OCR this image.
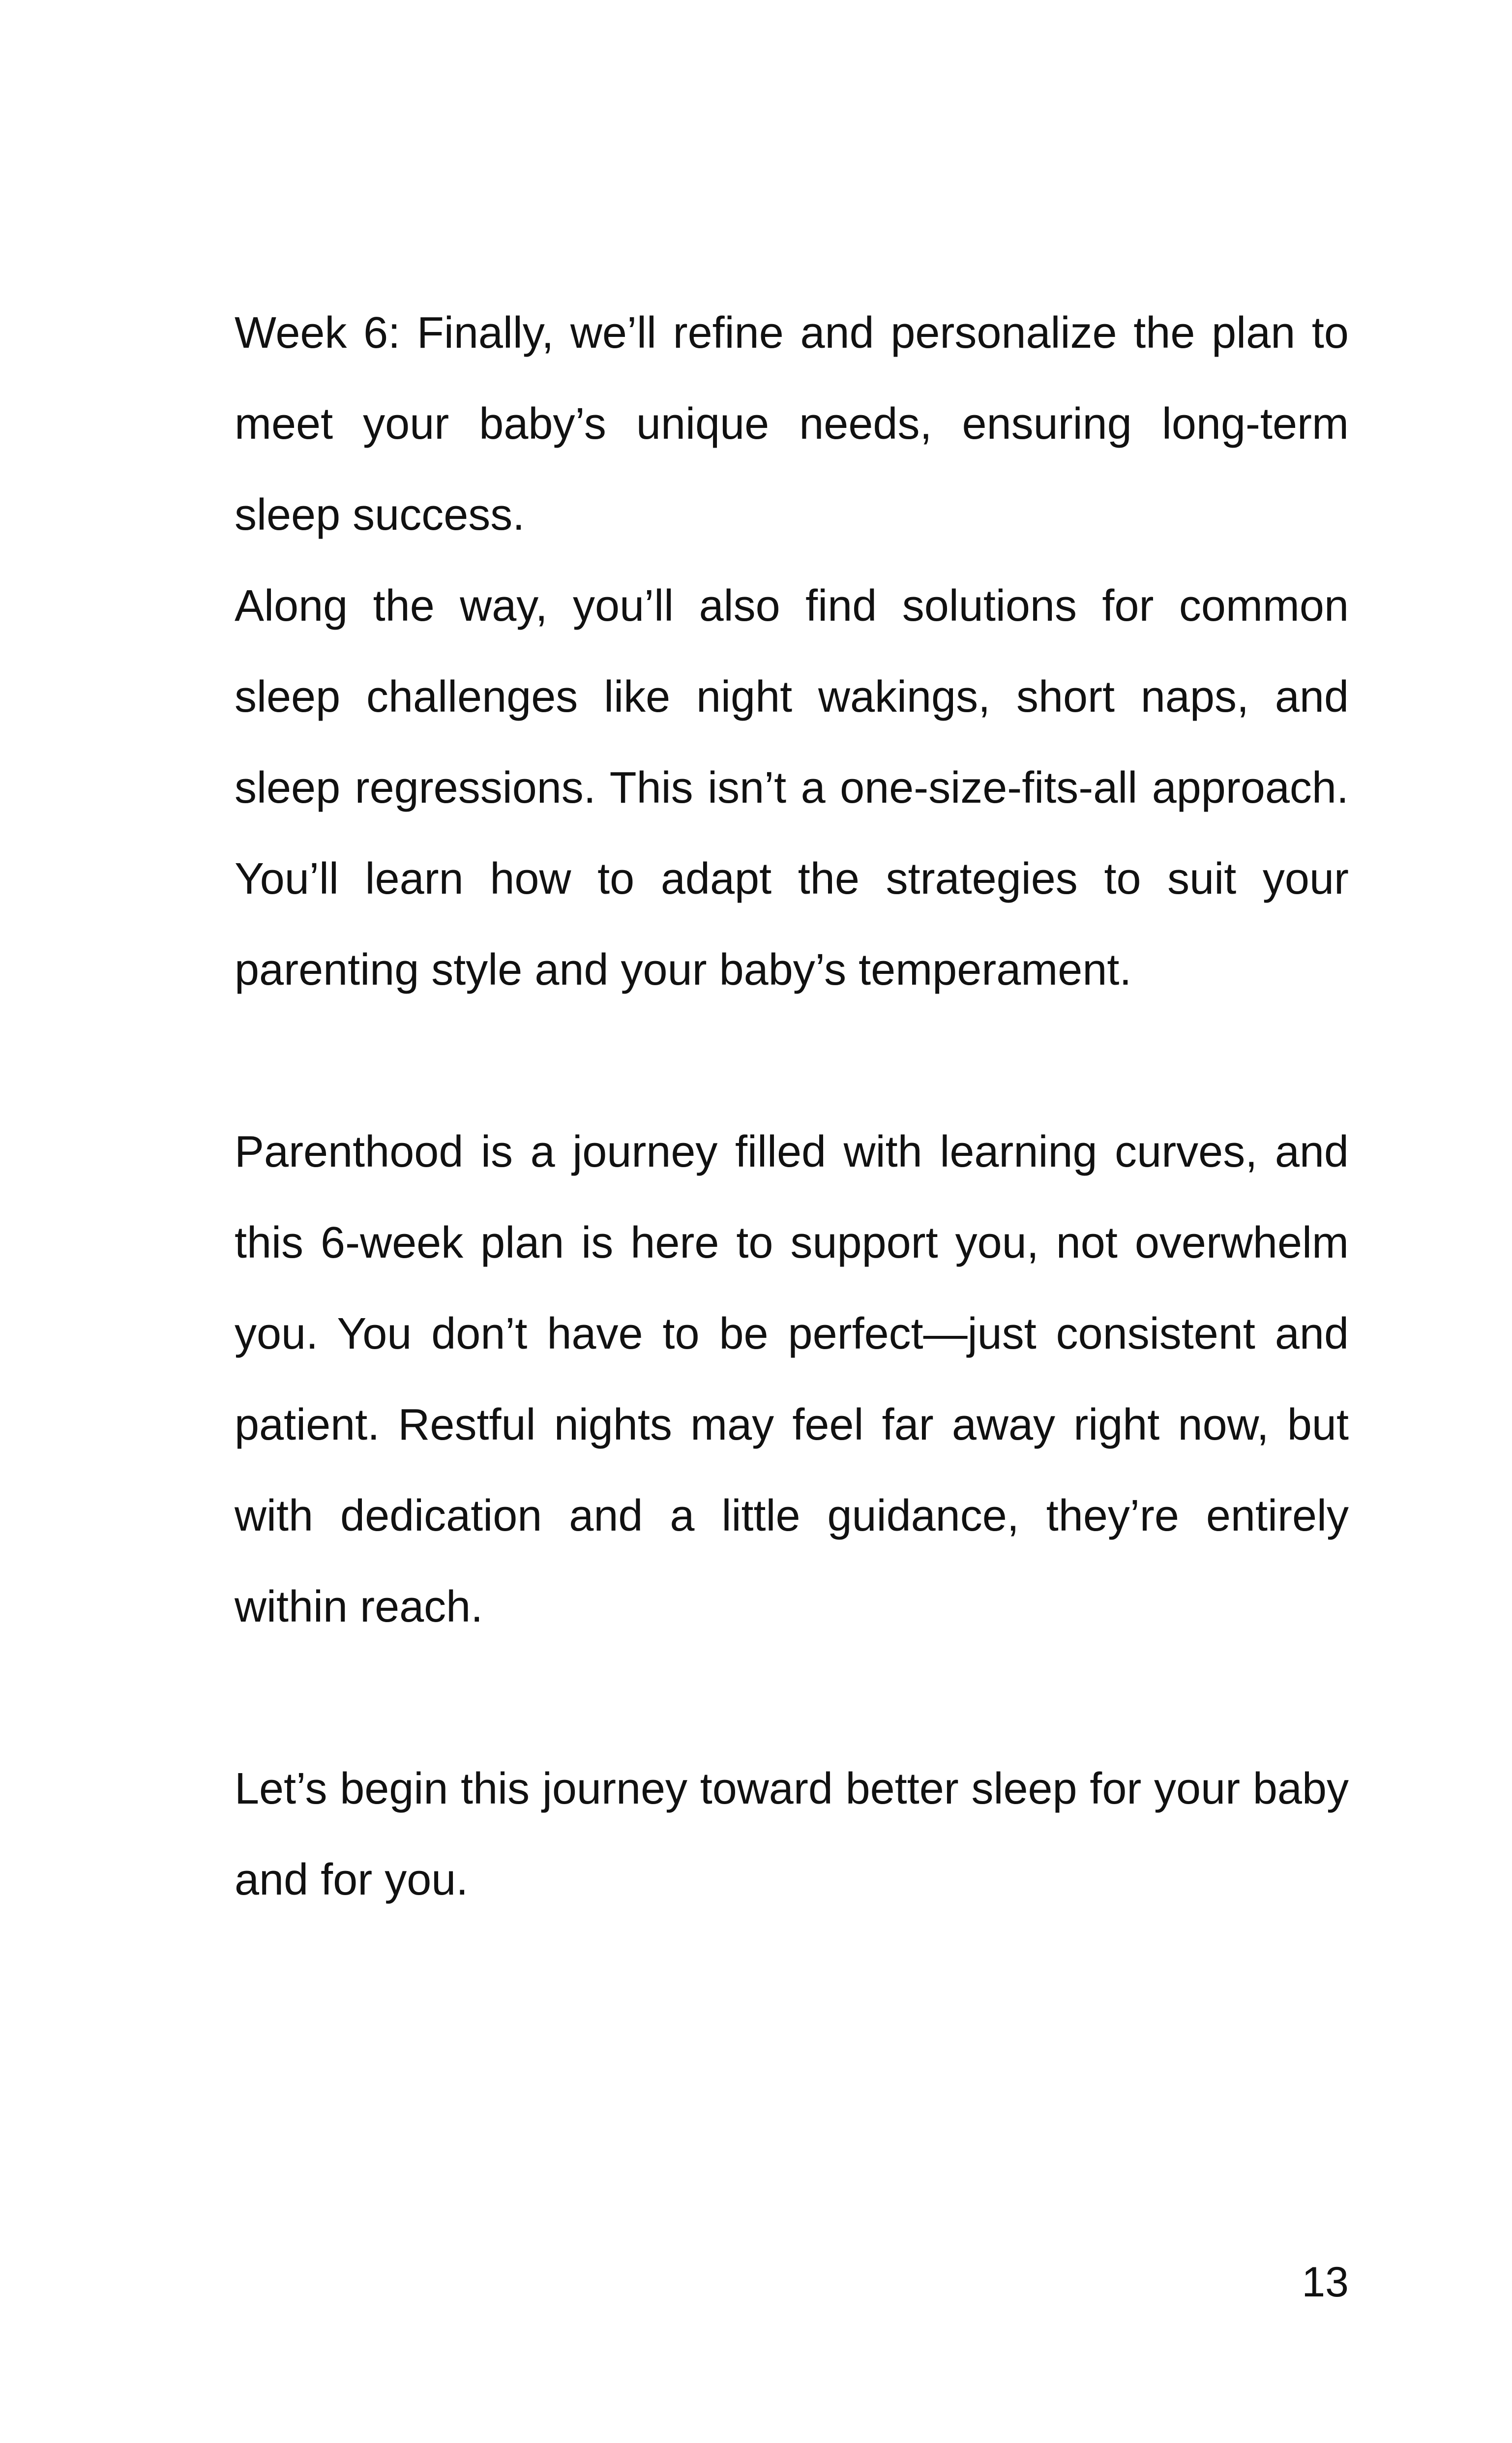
Week 6: Finally, we’ll refine and personalize the plan to meet your baby’s unique needs, ensuring long-term sleep success.

Along the way, you’ll also find solutions for common sleep challenges like night wakings, short naps, and sleep regressions. This isn’t a one-size-fits-all approach. You’ll learn how to adapt the strategies to suit your parenting style and your baby’s temperament.

Parenthood is a journey filled with learning curves, and this 6-week plan is here to support you, not overwhelm you. You don’t have to be perfect—just consistent and patient. Restful nights may feel far away right now, but with dedication and a little guidance, they’re entirely within reach.

Let’s begin this journey toward better sleep for your baby and for you.

13
